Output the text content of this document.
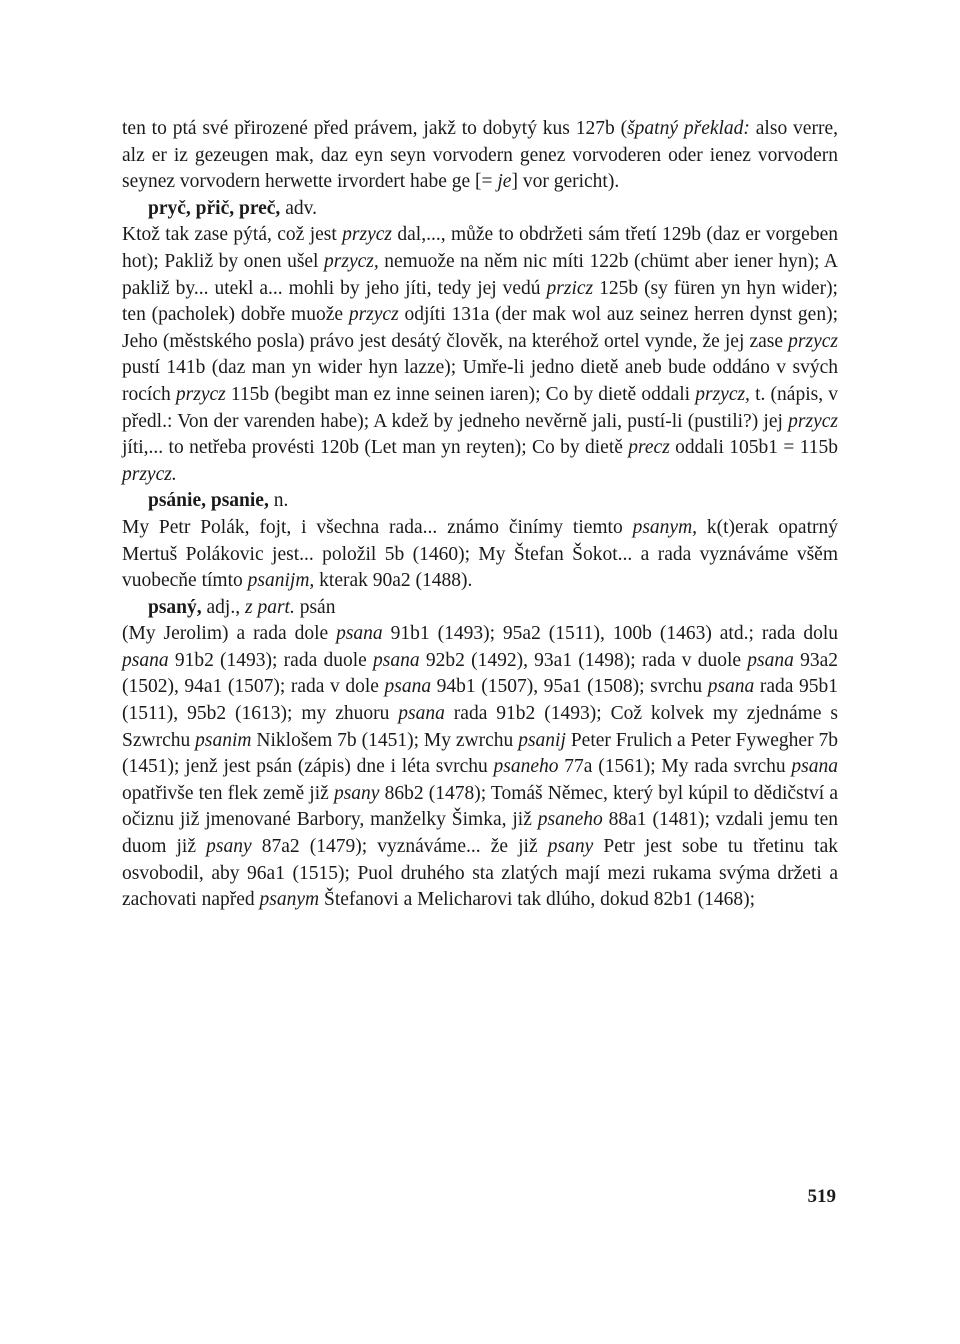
ten to ptá své přirozené před právem, jakž to dobytý kus 127b (špatný překlad: also verre, alz er iz gezeugen mak, daz eyn seyn vorvodern genez vorvoderen oder ienez vorvodern seynez vorvodern herwette irvordert habe ge [= je] vor gericht).

pryč, přič, preč, adv.

Ktož tak zase pýtá, což jest przycz dal,..., může to obdržeti sám třetí 129b (daz er vorgeben hot); Pakliž by onen ušel przycz, nemuože na něm nic míti 122b (chümt aber iener hyn); A pakliž by... utekl a... mohli by jeho jíti, tedy jej vedú przicz 125b (sy füren yn hyn wider); ten (pacholek) dobře muože przycz odjíti 131a (der mak wol auz seinez herren dynst gen); Jeho (městského posla) právo jest desátý člověk, na kteréhož ortel vynde, že jej zase przycz pustí 141b (daz man yn wider hyn lazze); Umře-li jedno dietě aneb bude oddáno v svých rocích przycz 115b (begibt man ez inne seinen iaren); Co by dietě oddali przycz, t. (nápis, v předl.: Von der varenden habe); A kdež by jedneho nevěrně jali, pustí-li (pustili?) jej przycz jíti,... to netřeba provésti 120b (Let man yn reyten); Co by dietě precz oddali 105b1 = 115b przycz.

psánie, psanie, n.

My Petr Polák, fojt, i všechna rada... známo činímy tiemto psanym, k(t)erak opatrný Mertuš Polákovic jest... položil 5b (1460); My Štefan Šokot... a rada vyznáváme všěm vuobecňe tímto psanijm, kterak 90a2 (1488).

psaný, adj., z part. psán

(My Jerolim) a rada dole psana 91b1 (1493); 95a2 (1511), 100b (1463) atd.; rada dolu psana 91b2 (1493); rada duole psana 92b2 (1492), 93a1 (1498); rada v duole psana 93a2 (1502), 94a1 (1507); rada v dole psana 94b1 (1507), 95a1 (1508); svrchu psana rada 95b1 (1511), 95b2 (1613); my zhuoru psana rada 91b2 (1493); Což kolvek my zjednáme s Szwrchu psanim Niklošem 7b (1451); My zwrchu psanij Peter Frulich a Peter Fywegher 7b (1451); jenž jest psán (zápis) dne i léta svrchu psaneho 77a (1561); My rada svrchu psana opatřivše ten flek země již psany 86b2 (1478); Tomáš Němec, který byl kúpil to dědičství a očiznu již jmenované Barbory, manželky Šimka, již psaneho 88a1 (1481); vzdali jemu ten duom již psany 87a2 (1479); vyznáváme... že již psany Petr jest sobe tu třetinu tak osvobodil, aby 96a1 (1515); Puol druhého sta zlatých mají mezi rukama svýma držeti a zachovati napřed psanym Štefanovi a Melicharovi tak dlúho, dokud 82b1 (1468);

519
